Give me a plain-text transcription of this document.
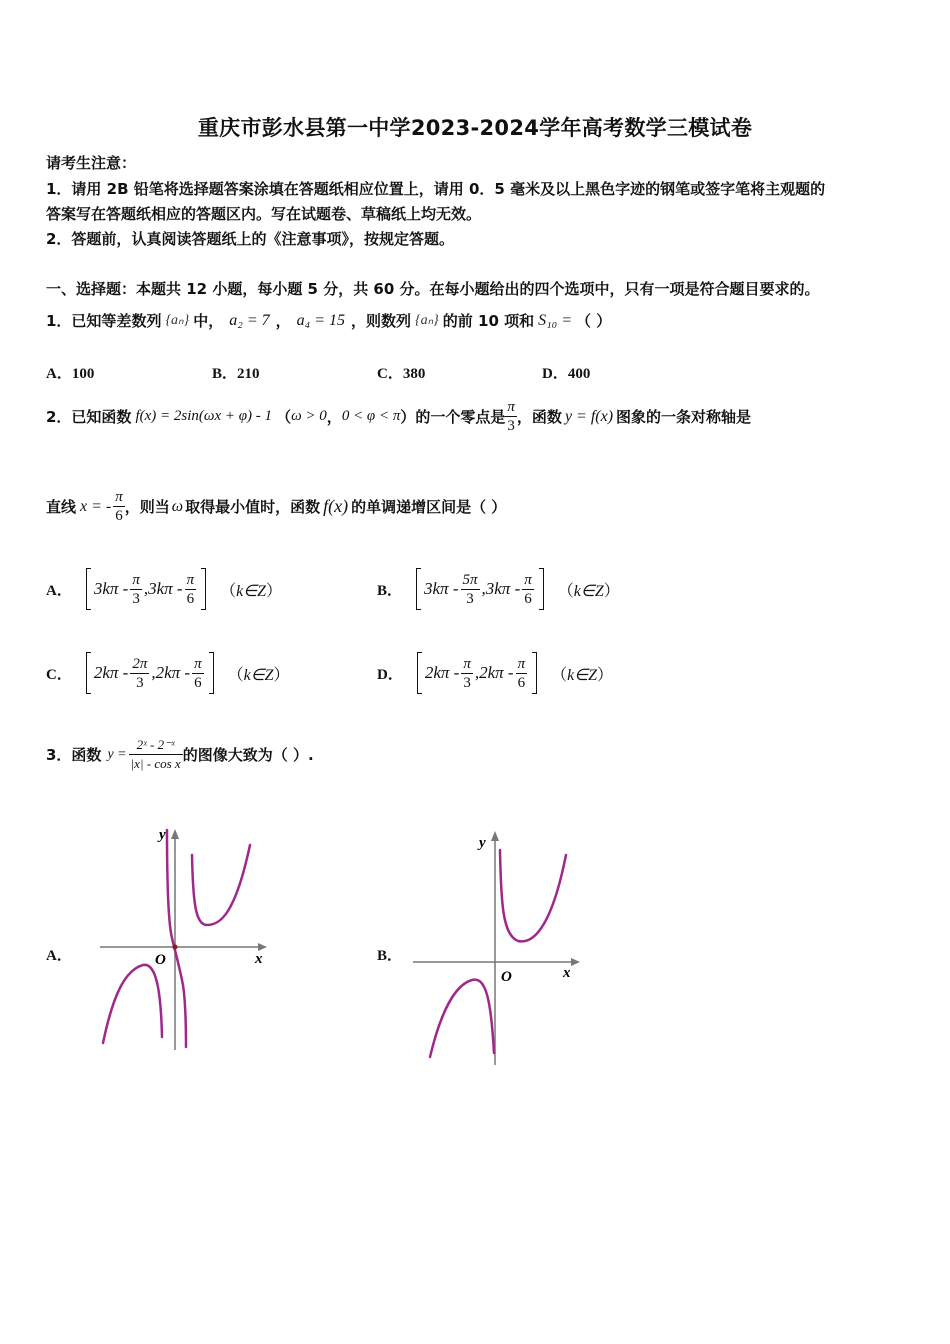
重庆市彭水县第一中学2023-2024学年高考数学三模试卷
请考生注意：
1．请用 2B 铅笔将选择题答案涂填在答题纸相应位置上，请用 0．5 毫米及以上黑色字迹的钢笔或签字笔将主观题的
答案写在答题纸相应的答题区内。写在试题卷、草稿纸上均无效。
2．答题前，认真阅读答题纸上的《注意事项》，按规定答题。
一、选择题：本题共 12 小题，每小题 5 分，共 60 分。在每小题给出的四个选项中，只有一项是符合题目要求的。
1．已知等差数列 {aₙ} 中， a₂ = 7 ， a₄ = 15 ，则数列 {aₙ} 的前 10 项和 S₁₀ = （ ）
A．100	B．210	C．380	D．400
2．已知函数 f(x) = 2sin(ωx + φ) - 1 （ ω > 0 ， 0 < φ < π ） 的一个零点是 $\frac{\pi}{3}$ ，函数 y = f(x) 图象的一条对称轴是
直线 x = - $\frac{\pi}{6}$ ，则当 ω 取得最小值时，函数 f(x) 的单调递增区间是（ ）
A． $3k\pi - \frac{\pi}{3} ,3k\pi - \frac{\pi}{6}$ （k∈Z）	B． $3k\pi - \frac{5\pi}{3} ,3k\pi - \frac{\pi}{6}$ （k∈Z）
C． $2k\pi - \frac{2\pi}{3} ,2k\pi - \frac{\pi}{6}$ （k∈Z）	D． $2k\pi - \frac{\pi}{3} ,2k\pi - \frac{\pi}{6}$ （k∈Z）
3．函数 $y = \frac{\text{2ˣ - 2⁻ˣ}}{\text{|x| - cos x}}$ 的图像大致为（ ）.
A．	x
y
O	B．
x
y
O
